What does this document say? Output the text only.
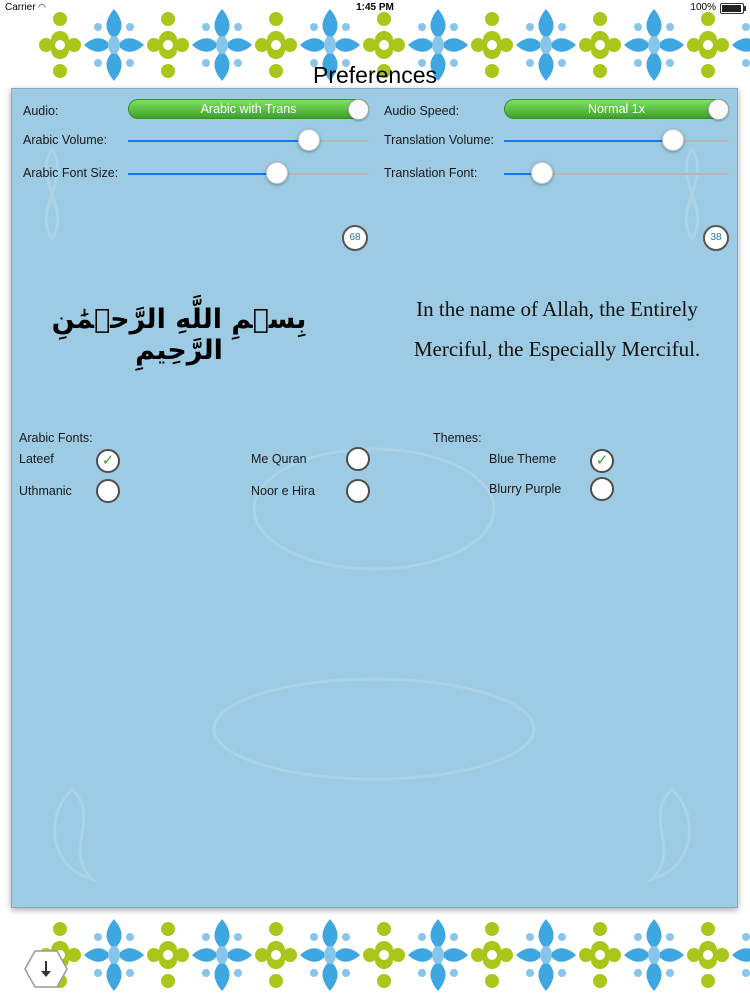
Carrier ◠	1:45 PM	100%
Preferences
Audio:	Arabic with Trans	Audio Speed:	Normal 1x
Arabic Volume:	Translation Volume:
Arabic Font Size:	Translation Font:
68	38
بِسۡمِ اللَّهِ الرَّحۡمَٰنِ الرَّحِيمِ
In the name of Allah, the Entirely Merciful, the Especially Merciful.
Arabic Fonts:
Lateef	✓	Me Quran
Uthmanic	Noor e Hira
Themes:
Blue Theme	✓
Blurry Purple
